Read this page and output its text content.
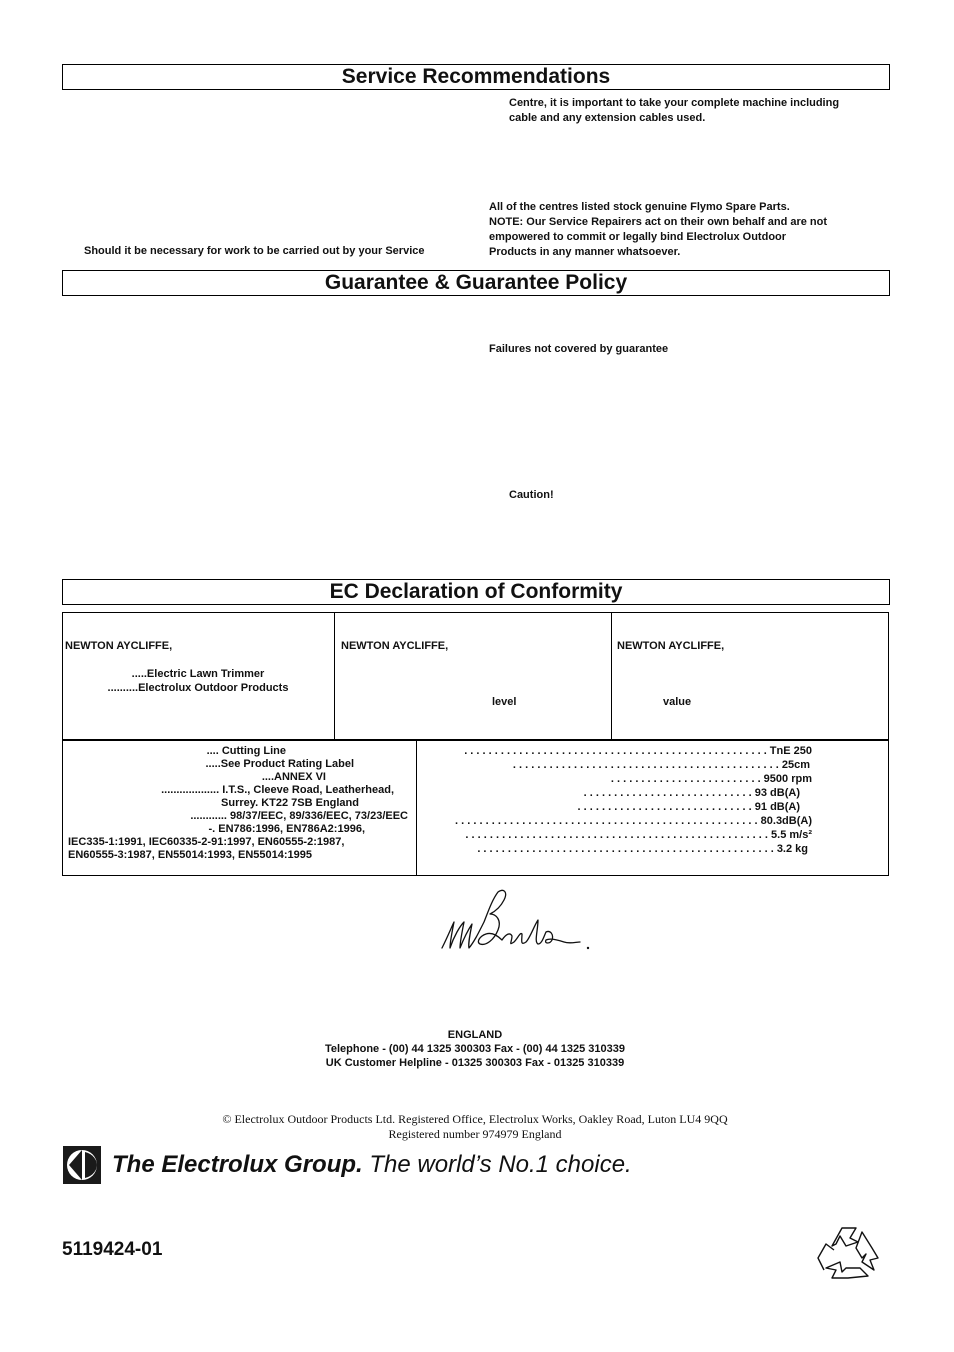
Service Recommendations
Centre, it is important to take your complete machine including
cable and any extension cables used.
All of the centres listed stock genuine Flymo Spare Parts.
NOTE: Our Service Repairers act on their own behalf and are not
empowered to commit or legally bind Electrolux Outdoor
Products in any manner whatsoever.
Should it be necessary for work to be carried out by your Service
Guarantee & Guarantee Policy
Failures not covered by guarantee
Caution!
EC Declaration of Conformity
NEWTON AYCLIFFE,
.....Electric Lawn Trimmer
..........Electrolux Outdoor Products
NEWTON AYCLIFFE,
level
NEWTON AYCLIFFE,
value
.... Cutting Line
.....See Product Rating Label
....ANNEX VI
................... I.T.S., Cleeve Road, Leatherhead,
Surrey. KT22 7SB England
............ 98/37/EEC, 89/336/EEC, 73/23/EEC
-. EN786:1996, EN786A2:1996,
IEC335-1:1991, IEC60335-2-91:1997, EN60555-2:1987,
EN60555-3:1987, EN55014:1993, EN55014:1995
. . . . . . . . . . . . . . . . . . . . . . . . . . . . . . . . . . . . . . . . . . . . . . . . . . TnE 250
. . . . . . . . . . . . . . . . . . . . . . . . . . . . . . . . . . . . . . . . . . . . 25cm
. . . . . . . . . . . . . . . . . . . . . . . . . 9500 rpm
. . . . . . . . . . . . . . . . . . . . . . . . . . . . 93 dB(A)
. . . . . . . . . . . . . . . . . . . . . . . . . . . . . 91 dB(A)
. . . . . . . . . . . . . . . . . . . . . . . . . . . . . . . . . . . . . . . . . . . . . . . . . . 80.3dB(A)
. . . . . . . . . . . . . . . . . . . . . . . . . . . . . . . . . . . . . . . . . . . . . . . . . . 5.5 m/s²
. . . . . . . . . . . . . . . . . . . . . . . . . . . . . . . . . . . . . . . . . . . . . . . . . 3.2 kg
ENGLAND
Telephone - (00) 44 1325 300303 Fax - (00) 44 1325 310339
UK Customer Helpline - 01325 300303 Fax - 01325 310339
© Electrolux Outdoor Products Ltd. Registered Office, Electrolux Works, Oakley Road, Luton LU4 9QQ
Registered number 974979 England
The Electrolux Group. The world’s No.1 choice.
5119424-01
